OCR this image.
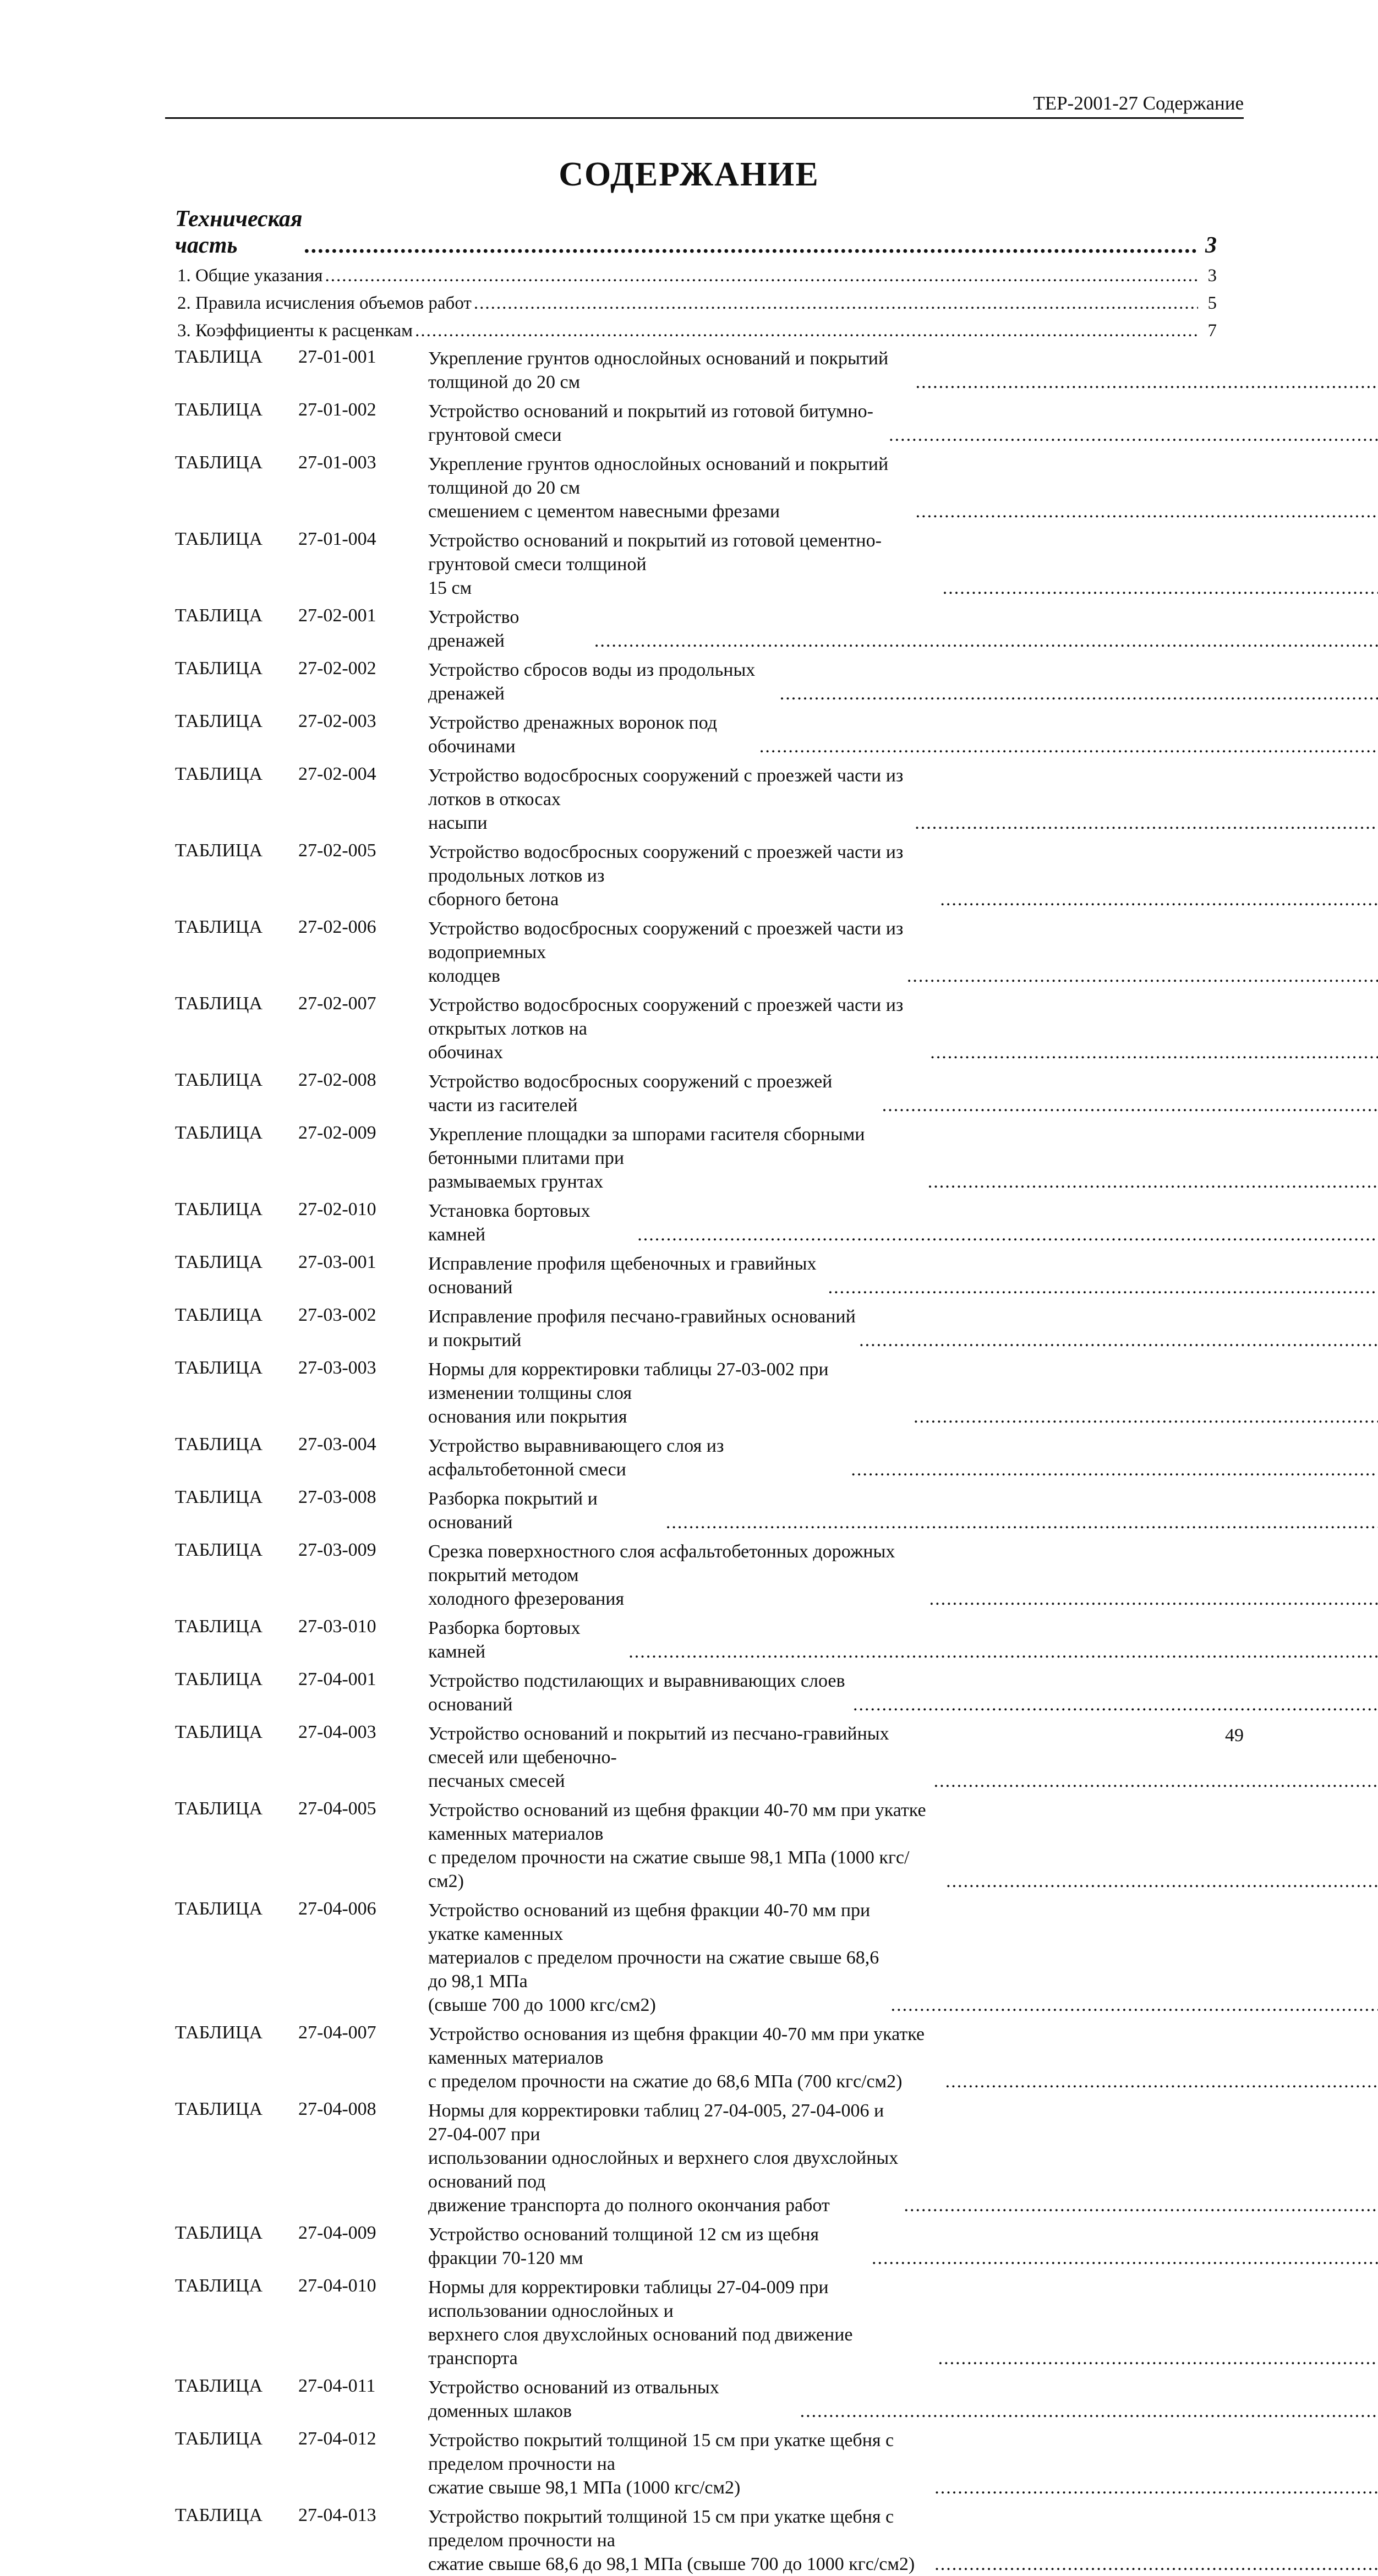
ТЕР-2001-27 Содержание
СОДЕРЖАНИЕ
Техническая часть .....	3
1. Общие указания .....	3
2. Правила исчисления объемов работ .....	5
3. Коэффициенты к расценкам .....	7
ТАБЛИЦА	27-01-001	Укрепление грунтов однослойных оснований и покрытий толщиной до 20 см
.....
ТАБЛИЦА	27-01-002	Устройство оснований и покрытий из готовой битумно-грунтовой смеси
.....
ТАБЛИЦА	27-01-003	Укрепление грунтов однослойных оснований и покрытий толщиной до 20 см
смешением с цементом навесными фрезами
.....
ТАБЛИЦА	27-01-004	Устройство оснований и покрытий из готовой цементно-грунтовой смеси толщиной
15 см
.....
ТАБЛИЦА	27-02-001	Устройство дренажей
.....
ТАБЛИЦА	27-02-002	Устройство сбросов воды из продольных дренажей
.....
ТАБЛИЦА	27-02-003	Устройство дренажных воронок под обочинами
.....
ТАБЛИЦА	27-02-004	Устройство водосбросных сооружений с проезжей части из лотков в откосах
насыпи
.....
ТАБЛИЦА	27-02-005	Устройство водосбросных сооружений с проезжей части из продольных лотков из
сборного бетона
.....
ТАБЛИЦА	27-02-006	Устройство водосбросных сооружений с проезжей части из водоприемных
колодцев
.....
ТАБЛИЦА	27-02-007	Устройство водосбросных сооружений с проезжей части из открытых лотков на
обочинах
.....
ТАБЛИЦА	27-02-008	Устройство водосбросных сооружений с проезжей части из гасителей
.....
ТАБЛИЦА	27-02-009	Укрепление площадки за шпорами гасителя сборными бетонными плитами при
размываемых грунтах
.....
ТАБЛИЦА	27-02-010	Установка бортовых камней
.....
ТАБЛИЦА	27-03-001	Исправление профиля щебеночных и гравийных оснований
.....
ТАБЛИЦА	27-03-002	Исправление профиля песчано-гравийных оснований и покрытий
.....
ТАБЛИЦА	27-03-003	Нормы для корректировки таблицы 27-03-002 при изменении толщины слоя
основания или покрытия
.....
ТАБЛИЦА	27-03-004	Устройство выравнивающего слоя из асфальтобетонной смеси
.....
ТАБЛИЦА	27-03-008	Разборка покрытий и оснований
.....
ТАБЛИЦА	27-03-009	Срезка поверхностного слоя асфальтобетонных дорожных покрытий методом
холодного фрезерования
.....
ТАБЛИЦА	27-03-010	Разборка бортовых камней
.....
ТАБЛИЦА	27-04-001	Устройство подстилающих и выравнивающих слоев оснований
.....
ТАБЛИЦА	27-04-003	Устройство оснований и покрытий из песчано-гравийных смесей или щебеночно-
песчаных смесей
.....
ТАБЛИЦА	27-04-005	Устройство оснований из щебня фракции 40-70 мм при укатке каменных материалов
с пределом прочности на сжатие свыше 98,1 МПа (1000 кгс/см2)
.....
ТАБЛИЦА	27-04-006	Устройство оснований из щебня фракции 40-70 мм при укатке каменных
материалов с пределом прочности на сжатие свыше 68,6 до 98,1 МПа
(свыше 700 до 1000 кгс/см2)
.....
ТАБЛИЦА	27-04-007	Устройство основания из щебня фракции 40-70 мм при укатке каменных материалов
с пределом прочности на сжатие до 68,6 МПа (700 кгс/см2)
.....
ТАБЛИЦА	27-04-008	Нормы для корректировки таблиц 27-04-005, 27-04-006 и 27-04-007 при
использовании однослойных и верхнего слоя двухслойных оснований под
движение транспорта до полного окончания работ
.....
ТАБЛИЦА	27-04-009	Устройство оснований толщиной 12 см из щебня фракции 70-120 мм
.....
ТАБЛИЦА	27-04-010	Нормы для корректировки таблицы 27-04-009 при использовании однослойных и
верхнего слоя двухслойных оснований под движение транспорта
.....
ТАБЛИЦА	27-04-011	Устройство оснований из отвальных доменных шлаков
.....
ТАБЛИЦА	27-04-012	Устройство покрытий толщиной 15 см при укатке щебня с пределом прочности на
сжатие свыше 98,1 МПа (1000 кгс/см2)
.....
ТАБЛИЦА	27-04-013	Устройство покрытий толщиной 15 см при укатке щебня с пределом прочности на
сжатие свыше 68,6 до 98,1 МПа (свыше 700 до 1000 кгс/см2)
.....
49
